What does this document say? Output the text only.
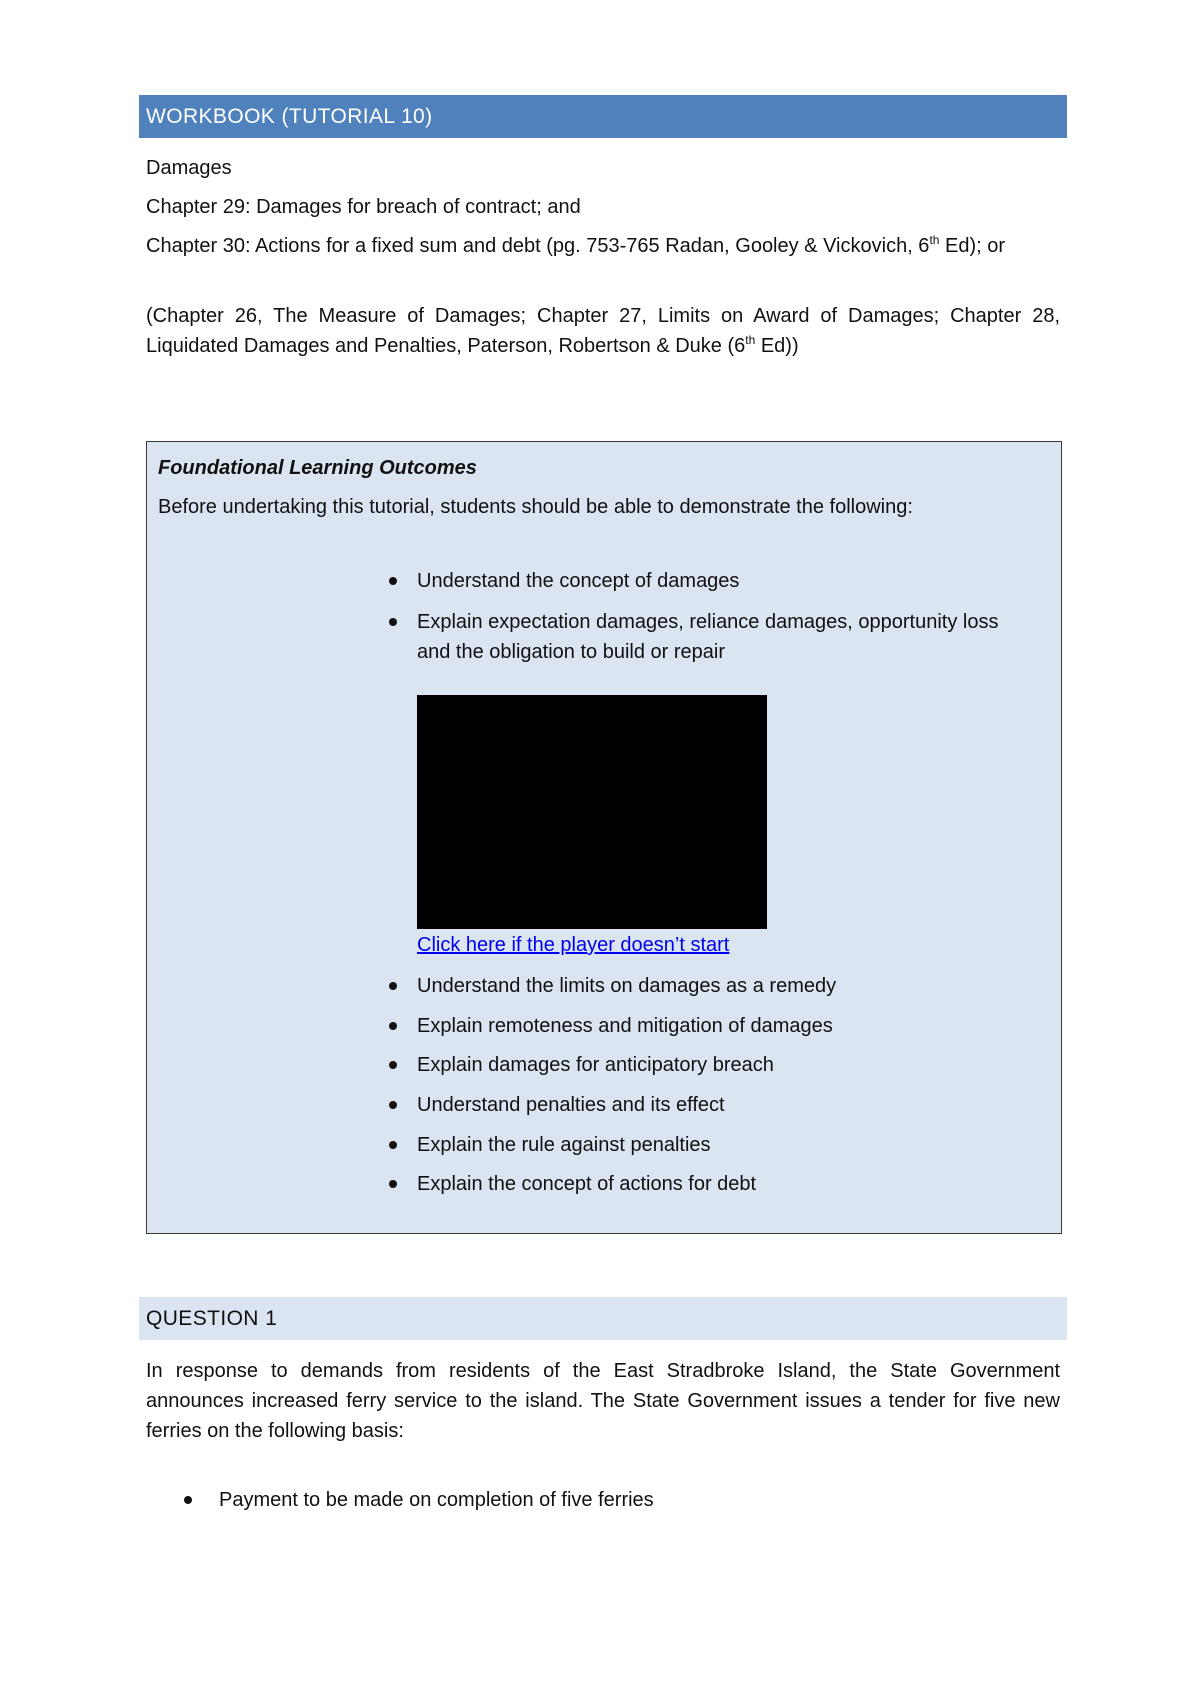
WORKBOOK (TUTORIAL 10)

Damages

Chapter 29: Damages for breach of contract; and

Chapter 30: Actions for a fixed sum and debt (pg. 753-765 Radan, Gooley & Vickovich, 6th Ed); or

(Chapter 26, The Measure of Damages; Chapter 27, Limits on Award of Damages; Chapter 28, Liquidated Damages and Penalties, Paterson, Robertson & Duke (6th Ed))

Foundational Learning Outcomes
Before undertaking this tutorial, students should be able to demonstrate the following:
Understand the concept of damages
Explain expectation damages, reliance damages, opportunity loss and the obligation to build or repair
Click here if the player doesn’t start
Understand the limits on damages as a remedy
Explain remoteness and mitigation of damages
Explain damages for anticipatory breach
Understand penalties and its effect
Explain the rule against penalties
Explain the concept of actions for debt
QUESTION 1

In response to demands from residents of the East Stradbroke Island, the State Government announces increased ferry service to the island. The State Government issues a tender for five new ferries on the following basis:

Payment to be made on completion of five ferries
